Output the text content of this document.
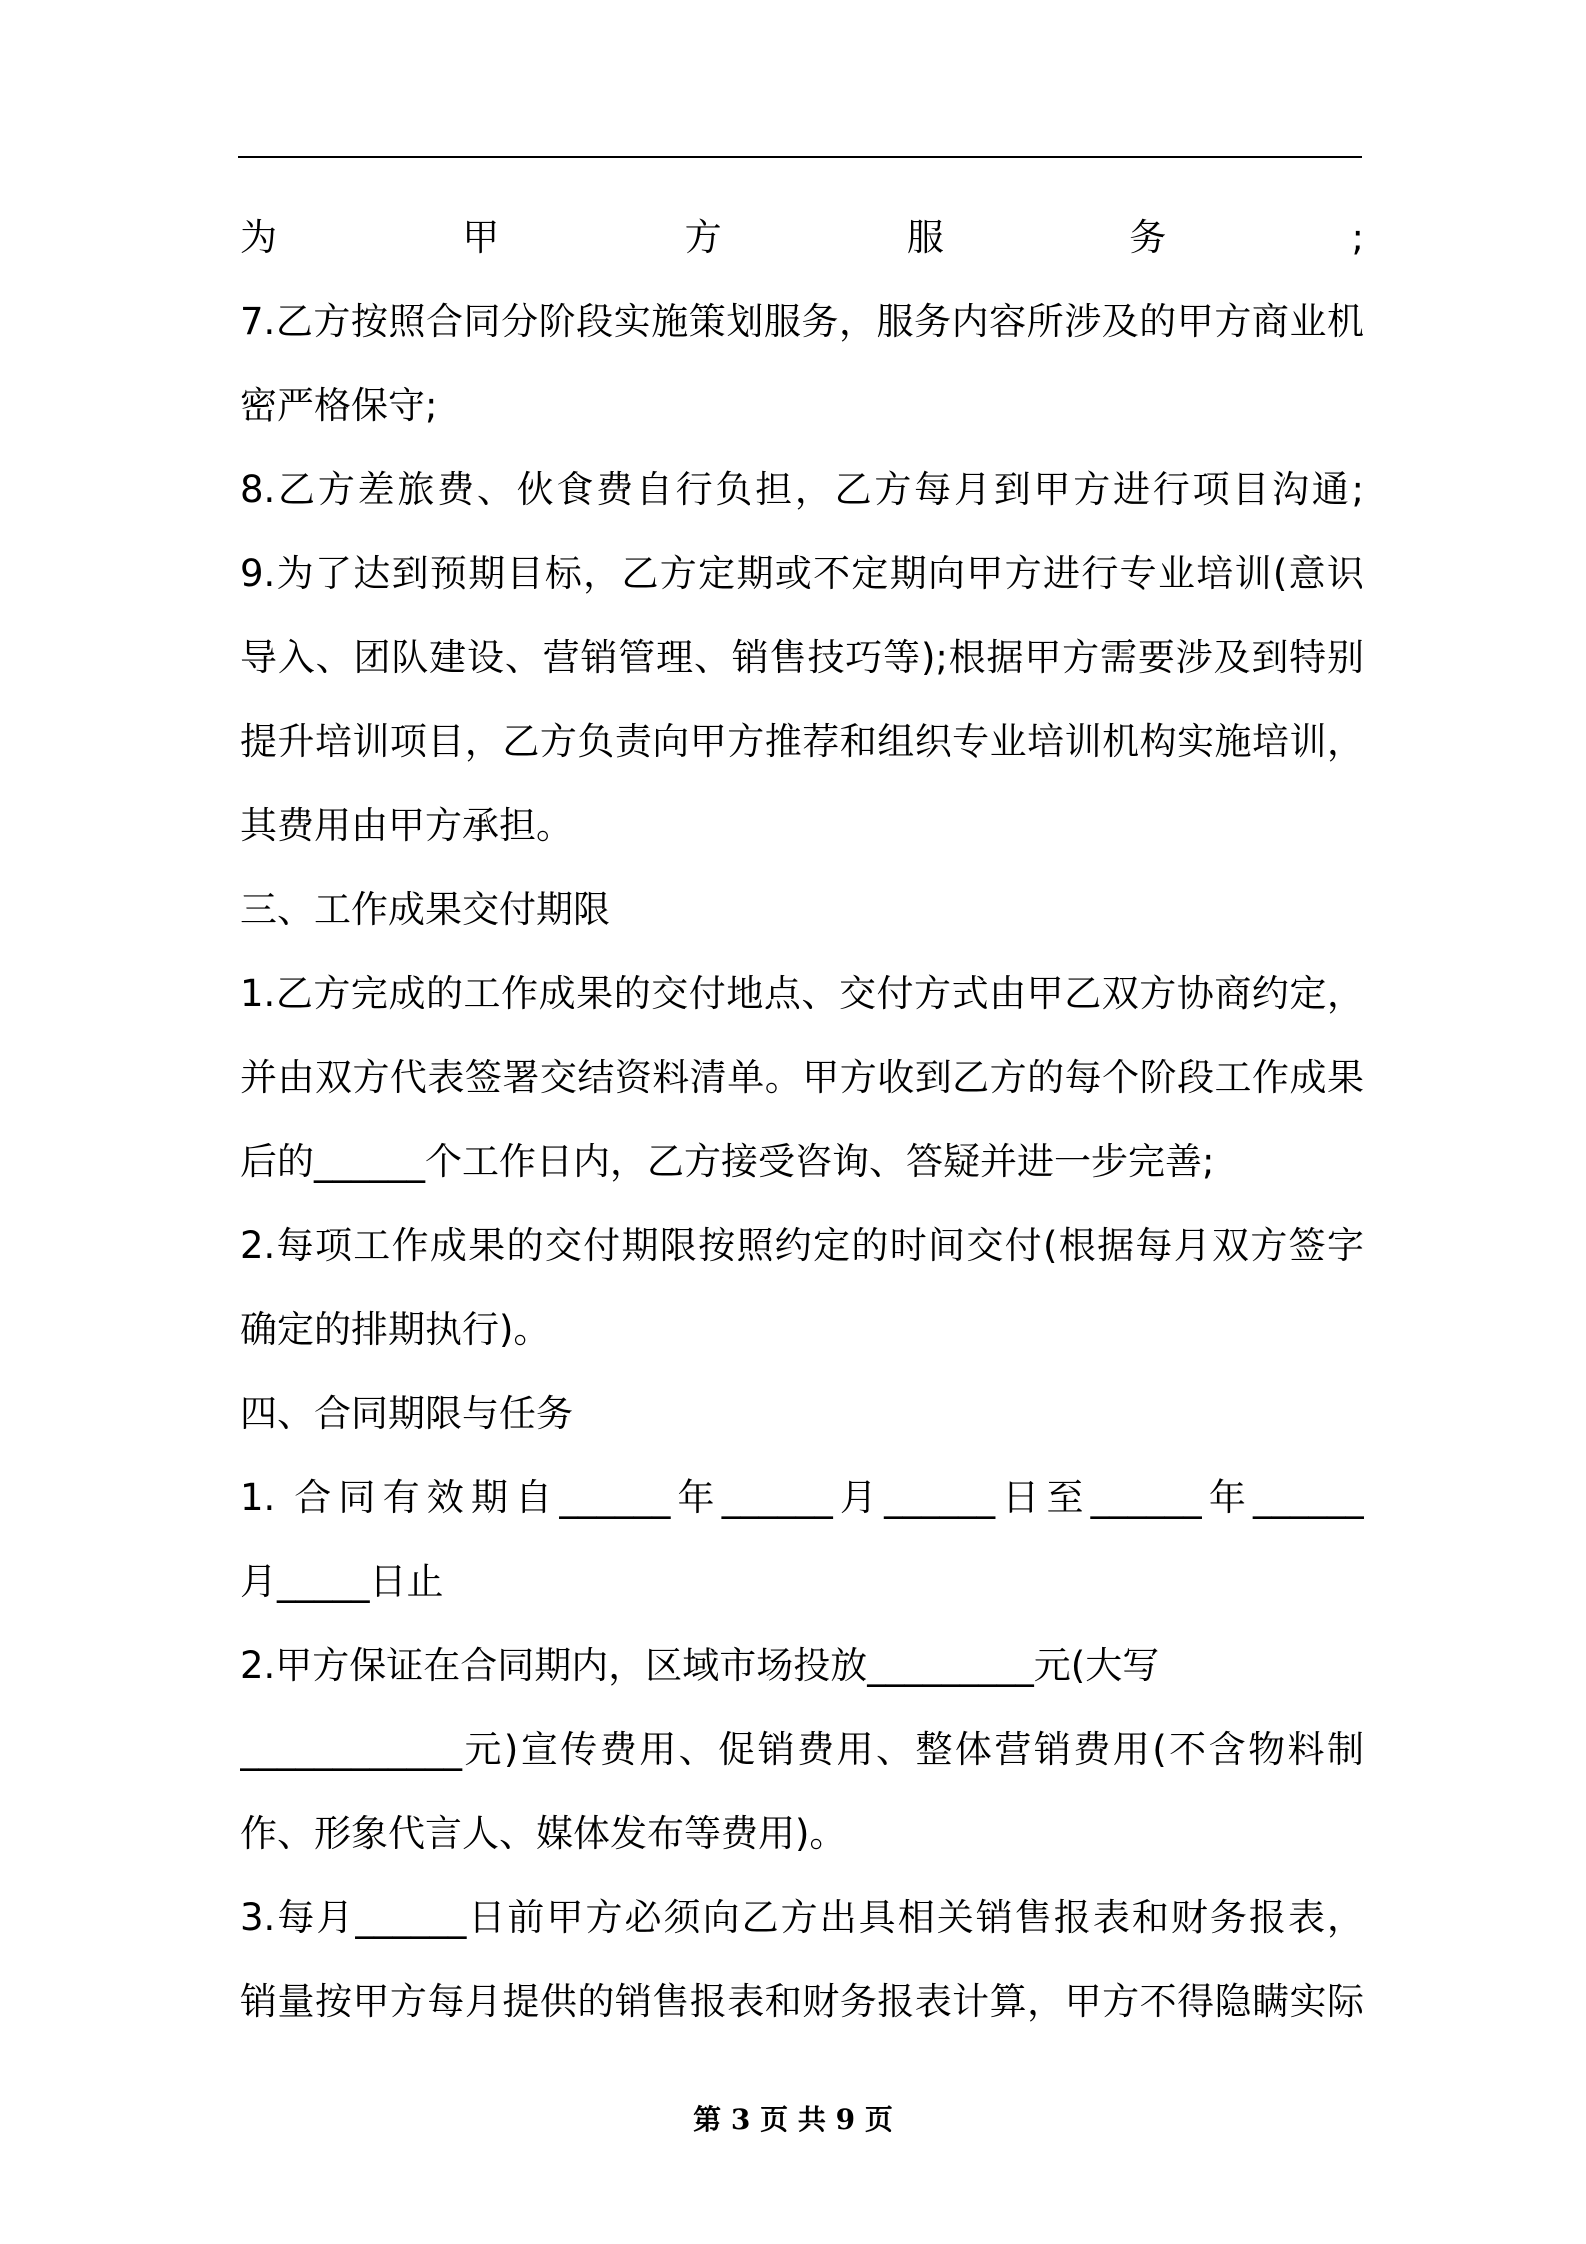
为甲方服务;
7.乙方按照合同分阶段实施策划服务，服务内容所涉及的甲方商业机
密严格保守;
8.乙方差旅费、伙食费自行负担，乙方每月到甲方进行项目沟通;
9.为了达到预期目标，乙方定期或不定期向甲方进行专业培训(意识
导入、团队建设、营销管理、销售技巧等);根据甲方需要涉及到特别
提升培训项目，乙方负责向甲方推荐和组织专业培训机构实施培训，
其费用由甲方承担。
三、工作成果交付期限
1.乙方完成的工作成果的交付地点、交付方式由甲乙双方协商约定，
并由双方代表签署交结资料清单。甲方收到乙方的每个阶段工作成果
后的______个工作日内，乙方接受咨询、答疑并进一步完善;
2.每项工作成果的交付期限按照约定的时间交付(根据每月双方签字
确定的排期执行)。
四、合同期限与任务
1. 合同有效期自______年______月______日至______年______
月_____日止
2.甲方保证在合同期内，区域市场投放_________元(大写
____________元)宣传费用、促销费用、整体营销费用(不含物料制
作、形象代言人、媒体发布等费用)。
3.每月______日前甲方必须向乙方出具相关销售报表和财务报表，
销量按甲方每月提供的销售报表和财务报表计算，甲方不得隐瞒实际
第 3 页 共 9 页
